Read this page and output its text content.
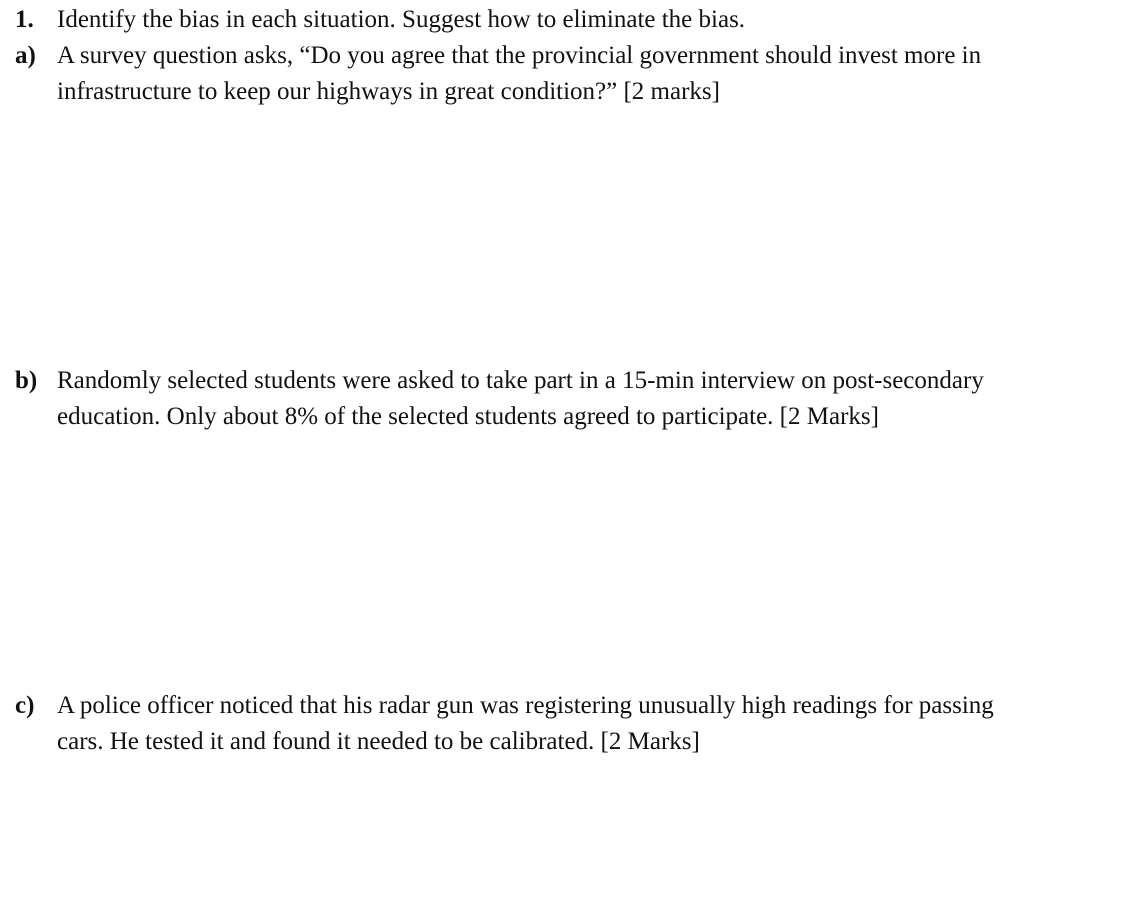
1. Identify the bias in each situation. Suggest how to eliminate the bias.
a) A survey question asks, “Do you agree that the provincial government should invest more in
infrastructure to keep our highways in great condition?” [2 marks]
b) Randomly selected students were asked to take part in a 15-min interview on post-secondary
education. Only about 8% of the selected students agreed to participate. [2 Marks]
c) A police officer noticed that his radar gun was registering unusually high readings for passing
cars. He tested it and found it needed to be calibrated. [2 Marks]
